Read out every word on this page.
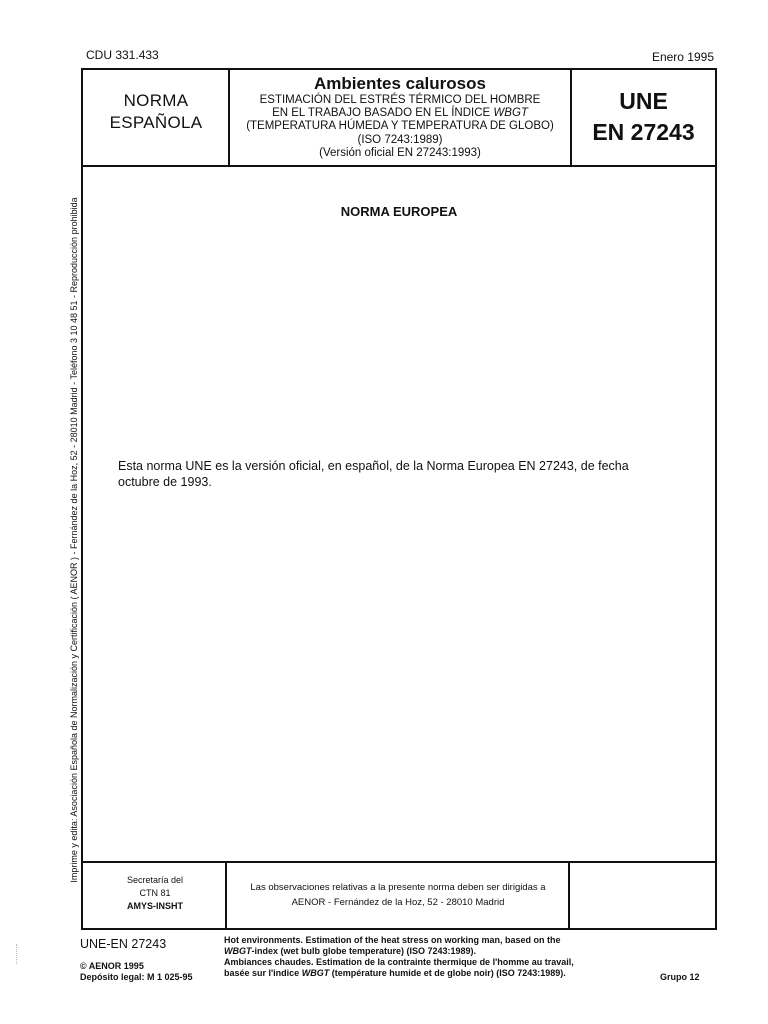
CDU 331.433	Enero 1995
NORMA
ESPAÑOLA
Ambientes calurosos
ESTIMACIÓN DEL ESTRÉS TÉRMICO DEL HOMBRE
EN EL TRABAJO BASADO EN EL ÍNDICE WBGT
(TEMPERATURA HÚMEDA Y TEMPERATURA DE GLOBO)
(ISO 7243:1989)
(Versión oficial EN 27243:1993)
UNE
EN 27243
NORMA EUROPEA
Esta norma UNE es la versión oficial, en español, de la Norma Europea EN 27243, de fecha octubre de 1993.
Secretaría del
CTN 81
AMYS-INSHT
Las observaciones relativas a la presente norma deben ser dirigidas a
AENOR - Fernández de la Hoz, 52 - 28010 Madrid
UNE-EN 27243
© AENOR 1995
Depósito legal: M 1 025-95
Hot environments. Estimation of the heat stress on working man, based on the
WBGT-index (wet bulb globe temperature) (ISO 7243:1989).
Ambiances chaudes. Estimation de la contrainte thermique de l'homme au travail,
basée sur l'indice WBGT (température humide et de globe noir) (ISO 7243:1989).	Grupo 12
Imprime y edita: Asociación Española de Normalización y Certificación ( AENOR ) - Fernández de la Hoz, 52 - 28010 Madrid - Teléfono 3 10 48 51 - Reproducción prohibida
